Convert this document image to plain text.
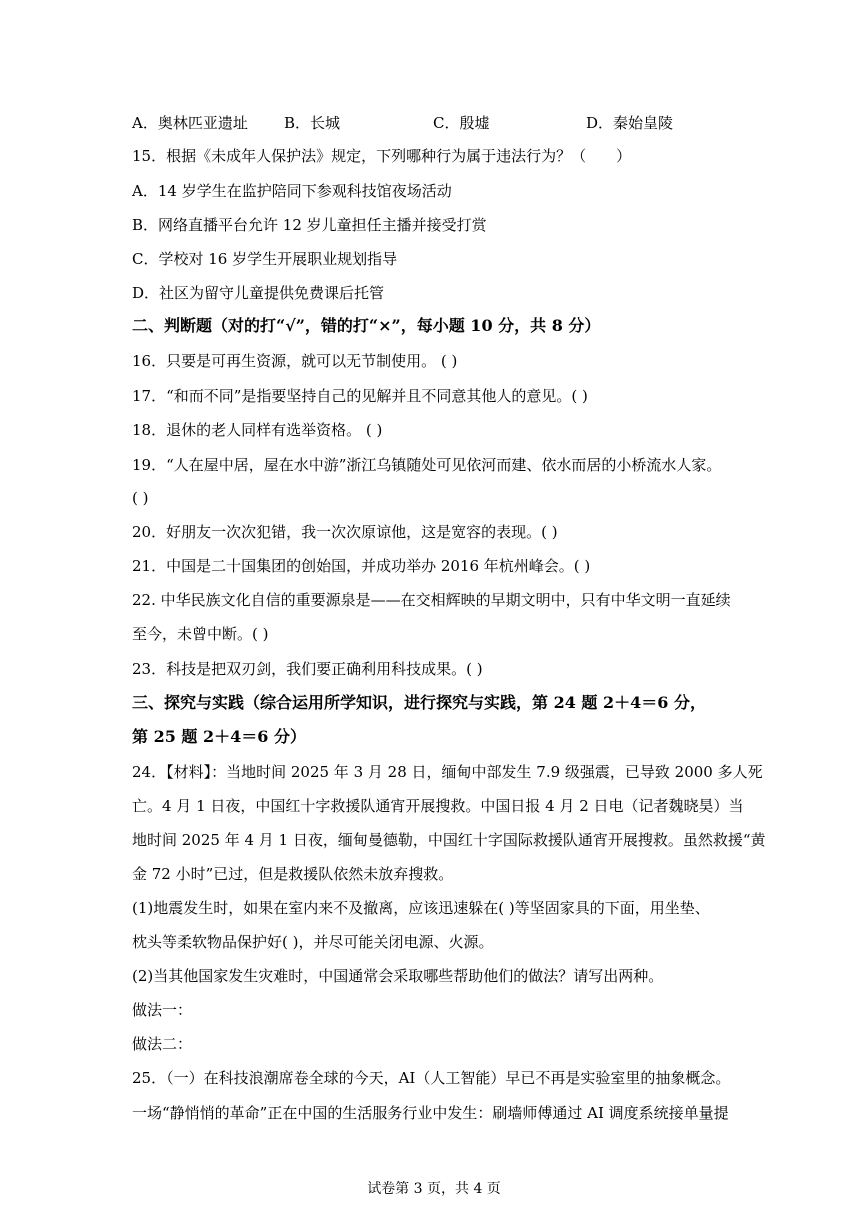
A．奥林匹亚遗址 B．长城	C．殷墟	D．秦始皇陵
15．根据《未成年人保护法》规定，下列哪种行为属于违法行为？（　　）
A．14 岁学生在监护陪同下参观科技馆夜场活动
B．网络直播平台允许 12 岁儿童担任主播并接受打赏
C．学校对 16 岁学生开展职业规划指导
D．社区为留守儿童提供免费课后托管
二、判断题（对的打“√”，错的打“×”，每小题 10 分，共 8 分）
16．只要是可再生资源，就可以无节制使用。 ( )
17．“和而不同”是指要坚持自己的见解并且不同意其他人的意见。( )
18．退休的老人同样有选举资格。 ( )
19．“人在屋中居，屋在水中游”浙江乌镇随处可见依河而建、依水而居的小桥流水人家。
( )
20．好朋友一次次犯错，我一次次原谅他，这是宽容的表现。( )
21．中国是二十国集团的创始国，并成功举办 2016 年杭州峰会。( )
22. 中华民族文化自信的重要源泉是——在交相辉映的早期文明中，只有中华文明一直延续
至今，未曾中断。( )
23．科技是把双刃剑，我们要正确利用科技成果。( )
三、探究与实践（综合运用所学知识，进行探究与实践，第 24 题 2＋4＝6 分，
第 25 题 2＋4＝6 分）
24．【材料】：当地时间 2025 年 3 月 28 日，缅甸中部发生 7.9 级强震，已导致 2000 多人死
亡。4 月 1 日夜，中国红十字救援队通宵开展搜救。中国日报 4 月 2 日电（记者魏晓昊）当
地时间 2025 年 4 月 1 日夜，缅甸曼德勒，中国红十字国际救援队通宵开展搜救。虽然救援“黄
金 72 小时”已过，但是救援队依然未放弃搜救。
(1)地震发生时，如果在室内来不及撤离，应该迅速躲在( )等坚固家具的下面，用坐垫、
枕头等柔软物品保护好( )，并尽可能关闭电源、火源。
(2)当其他国家发生灾难时，中国通常会采取哪些帮助他们的做法？请写出两种。
做法一：
做法二：
25．（一）在科技浪潮席卷全球的今天，AI（人工智能）早已不再是实验室里的抽象概念。
一场“静悄悄的革命”正在中国的生活服务行业中发生：刷墙师傅通过 AI 调度系统接单量提
试卷第 3 页，共 4 页
